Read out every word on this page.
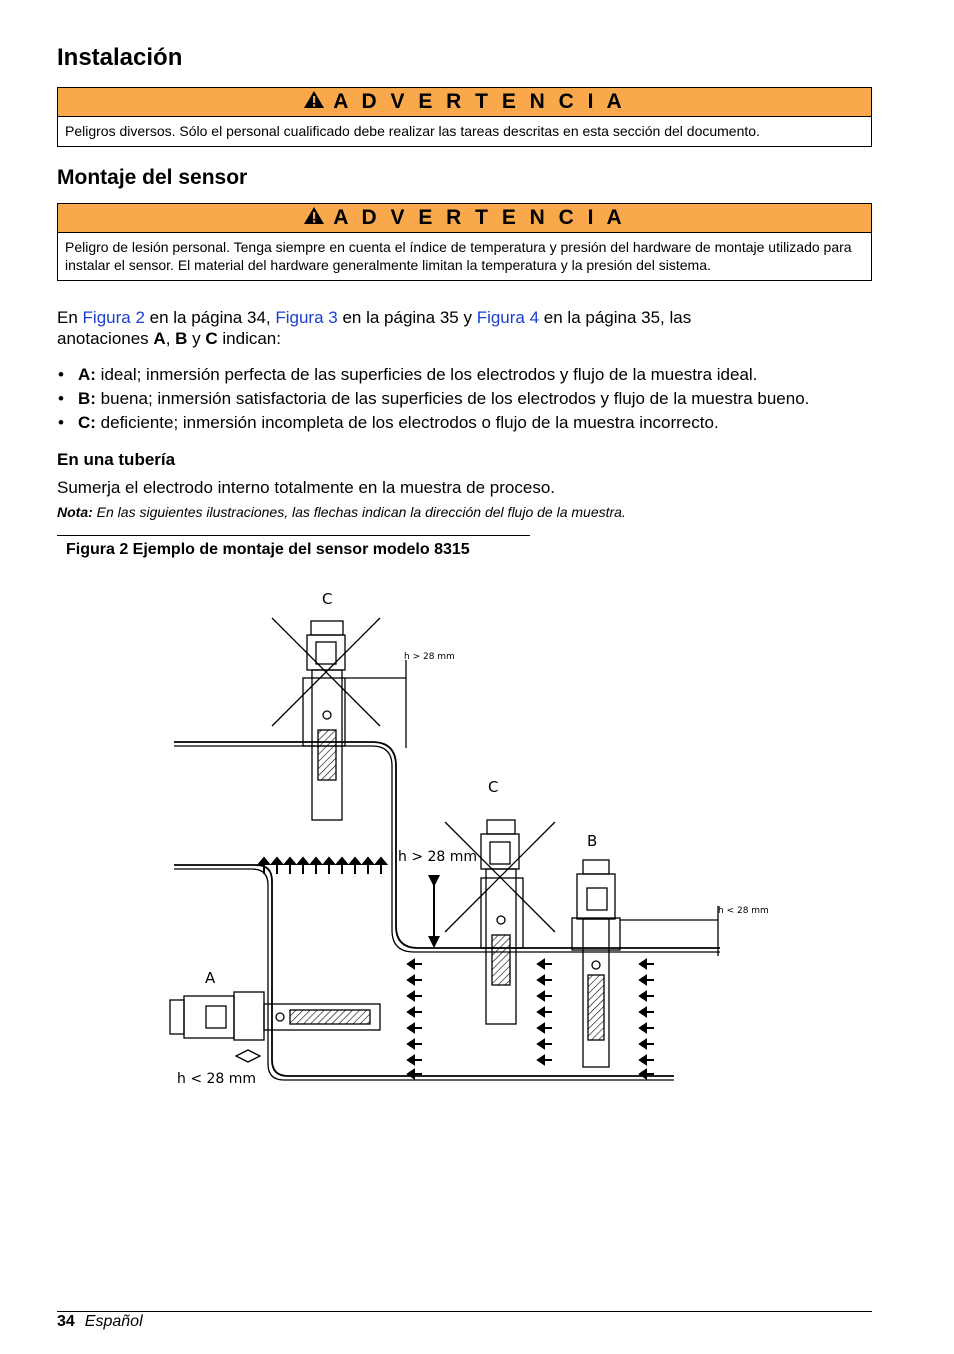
Instalación
A D V E R T E N C I A
Peligros diversos. Sólo el personal cualificado debe realizar las tareas descritas en esta sección del documento.
Montaje del sensor
A D V E R T E N C I A
Peligro de lesión personal. Tenga siempre en cuenta el índice de temperatura y presión del hardware de montaje utilizado para instalar el sensor. El material del hardware generalmente limitan la temperatura y la presión del sistema.

En Figura 2 en la página 34, Figura 3 en la página 35 y Figura 4 en la página 35, las
anotaciones A, B y C indican:

• A: ideal; inmersión perfecta de las superficies de los electrodos y flujo de la muestra ideal.
• B: buena; inmersión satisfactoria de las superficies de los electrodos y flujo de la muestra bueno.
• C: deficiente; inmersión incompleta de los electrodos o flujo de la muestra incorrecto.
En una tubería

Sumerja el electrodo interno totalmente en la muestra de proceso.

Nota: En las siguientes ilustraciones, las flechas indican la dirección del flujo de la muestra.
Figura 2 Ejemplo de montaje del sensor modelo 8315
C
h > 28 mm
C
h > 28 mm
B
h < 28 mm
A
h < 28 mm
34 Español
